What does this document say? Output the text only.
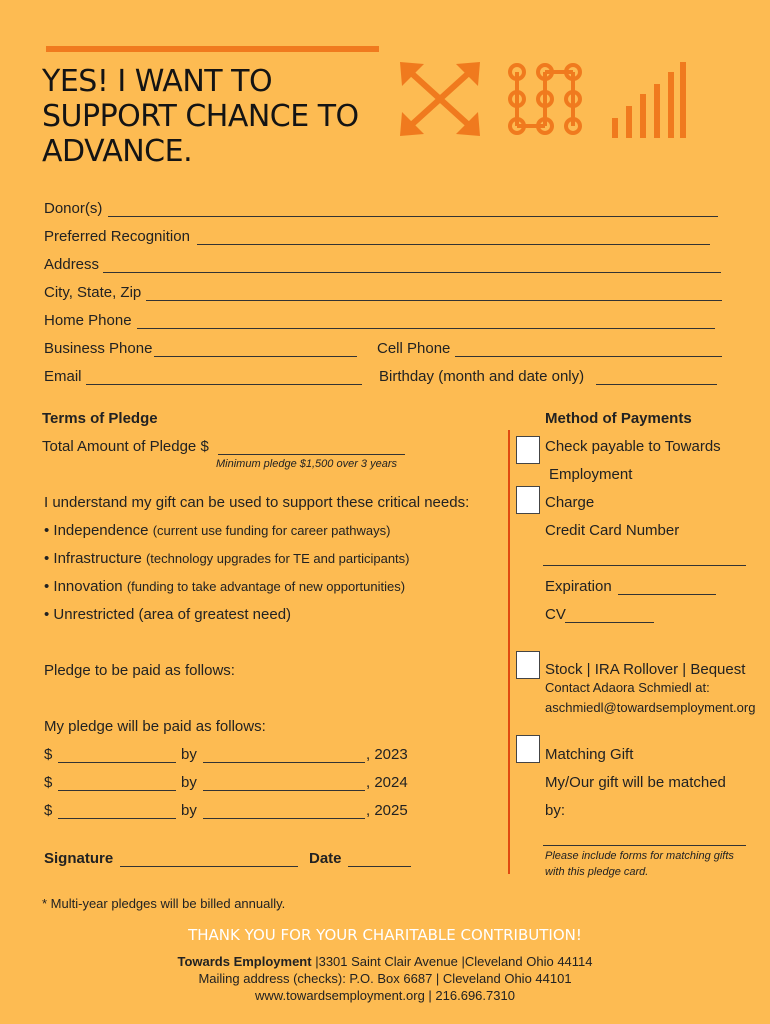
YES! I WANT TO
SUPPORT CHANCE TO
ADVANCE.
Donor(s)
Preferred Recognition
Address
City, State, Zip
Home Phone
Business Phone	Cell Phone
Email	Birthday (month and date only)
Terms of Pledge
Total Amount of Pledge $
Minimum pledge $1,500 over 3 years
I understand my gift can be used to support these critical needs:
• Independence (current use funding for career pathways)
• Infrastructure (technology upgrades for TE and participants)
• Innovation (funding to take advantage of new opportunities)
• Unrestricted (area of greatest need)
Pledge to be paid as follows:
My pledge will be paid as follows:
$	by	, 2023
$	by	, 2024
$	by	, 2025
Signature	Date
* Multi-year pledges will be billed annually.
Method of Payments
Check payable to Towards
Employment
Charge
Credit Card Number
Expiration
CV
Stock | IRA Rollover | Bequest
Contact Adaora Schmiedl at:
aschmiedl@towardsemployment.org
Matching Gift
My/Our gift will be matched
by:
Please include forms for matching gifts
with this pledge card.
THANK YOU FOR YOUR CHARITABLE CONTRIBUTION!
Towards Employment |3301 Saint Clair Avenue |Cleveland Ohio 44114
Mailing address (checks): P.O. Box 6687 | Cleveland Ohio 44101
www.towardsemployment.org | 216.696.7310
